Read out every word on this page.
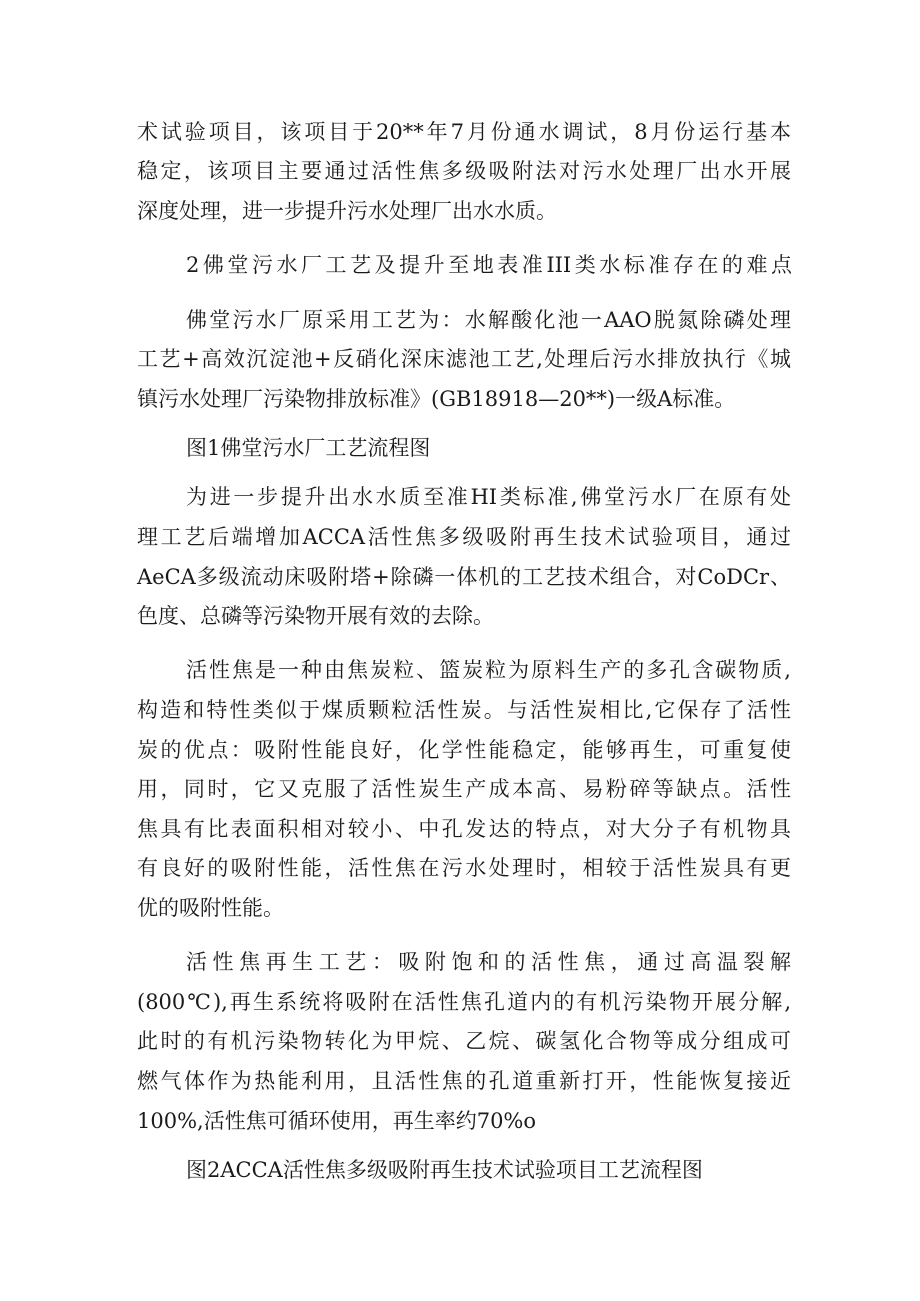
术试验项目，该项目于20**年7月份通水调试，8月份运行基本

稳定，该项目主要通过活性焦多级吸附法对污水处理厂出水开展

深度处理，进一步提升污水处理厂出水水质。

2佛堂污水厂工艺及提升至地表准III类水标准存在的难点

佛堂污水厂原采用工艺为：水解酸化池一AAO脱氮除磷处理

工艺+高效沉淀池+反硝化深床滤池工艺,处理后污水排放执行《城

镇污水处理厂污染物排放标准》(GB18918—20**)一级A标准。

图1佛堂污水厂工艺流程图

为进一步提升出水水质至准HI类标准,佛堂污水厂在原有处

理工艺后端增加ACCA活性焦多级吸附再生技术试验项目，通过

AeCA多级流动床吸附塔+除磷一体机的工艺技术组合，对CoDCr、

色度、总磷等污染物开展有效的去除。

活性焦是一种由焦炭粒、篮炭粒为原料生产的多孔含碳物质,

构造和特性类似于煤质颗粒活性炭。与活性炭相比,它保存了活性

炭的优点：吸附性能良好，化学性能稳定，能够再生，可重复使

用，同时，它又克服了活性炭生产成本高、易粉碎等缺点。活性

焦具有比表面积相对较小、中孔发达的特点，对大分子有机物具

有良好的吸附性能，活性焦在污水处理时，相较于活性炭具有更

优的吸附性能。

活性焦再生工艺：吸附饱和的活性焦，通过高温裂解

(800℃),再生系统将吸附在活性焦孔道内的有机污染物开展分解,

此时的有机污染物转化为甲烷、乙烷、碳氢化合物等成分组成可

燃气体作为热能利用，且活性焦的孔道重新打开，性能恢复接近

100%,活性焦可循环使用，再生率约70%o

图2ACCA活性焦多级吸附再生技术试验项目工艺流程图
